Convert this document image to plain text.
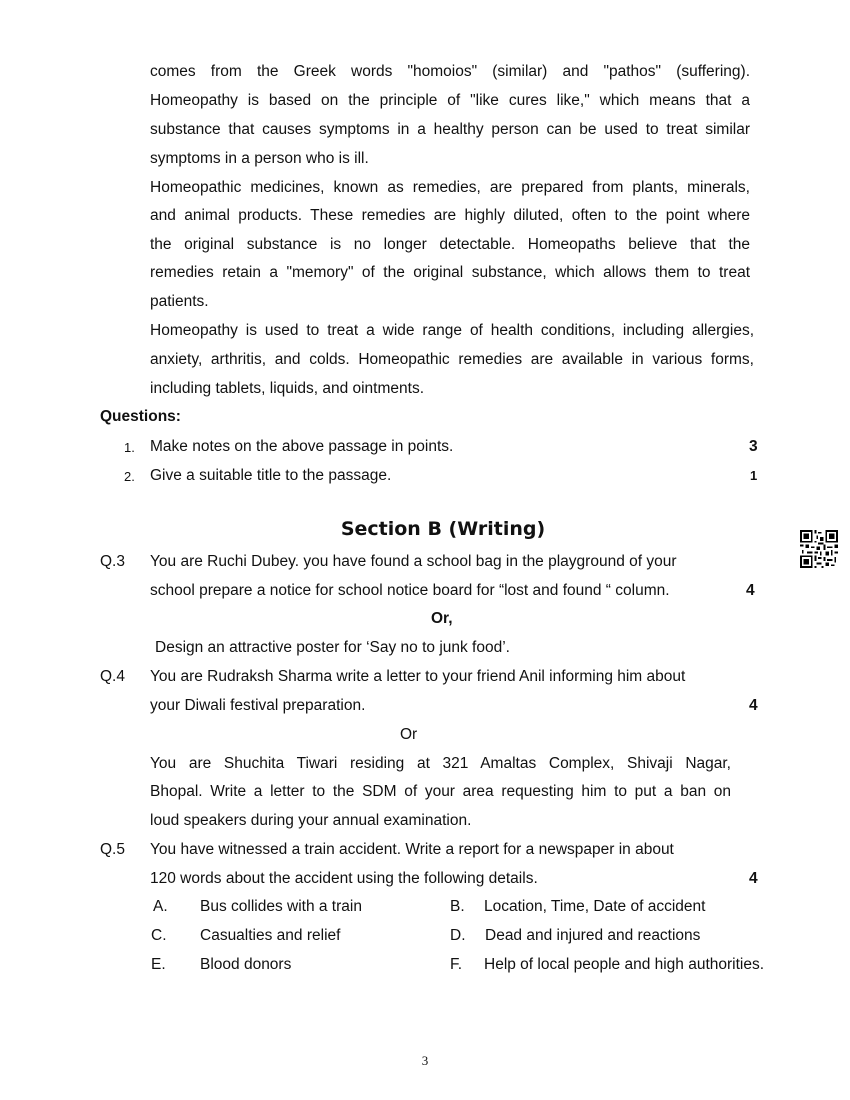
comes from the Greek words "homoios" (similar) and "pathos" (suffering).
Homeopathy is based on the principle of "like cures like," which means that a
substance that causes symptoms in a healthy person can be used to treat similar
symptoms in a person who is ill.
Homeopathic medicines, known as remedies, are prepared from plants, minerals,
and animal products. These remedies are highly diluted, often to the point where
the original substance is no longer detectable. Homeopaths believe that the
remedies retain a "memory" of the original substance, which allows them to treat
patients.
Homeopathy is used to treat a wide range of health conditions, including allergies,
anxiety, arthritis, and colds. Homeopathic remedies are available in various forms,
including tablets, liquids, and ointments.
Questions:
1. Make notes on the above passage in points.	3
2. Give a suitable title to the passage.	1
Section B (Writing)
Q.3 You are Ruchi Dubey. you have found a school bag in the playground of your
school prepare a notice for school notice board for “lost and found “ column.	4
Or,
Design an attractive poster for ‘Say no to junk food’.
Q.4 You are Rudraksh Sharma write a letter to your friend Anil informing him about
your Diwali festival preparation.	4
Or
You are Shuchita Tiwari residing at 321 Amaltas Complex, Shivaji Nagar,
Bhopal. Write a letter to the SDM of your area requesting him to put a ban on
loud speakers during your annual examination.
Q.5 You have witnessed a train accident. Write a report for a newspaper in about
120 words about the accident using the following details.	4
A. Bus collides with a train	B. Location, Time, Date of accident
C. Casualties and relief	D. Dead and injured and reactions
E. Blood donors	F. Help of local people and high authorities.
3
